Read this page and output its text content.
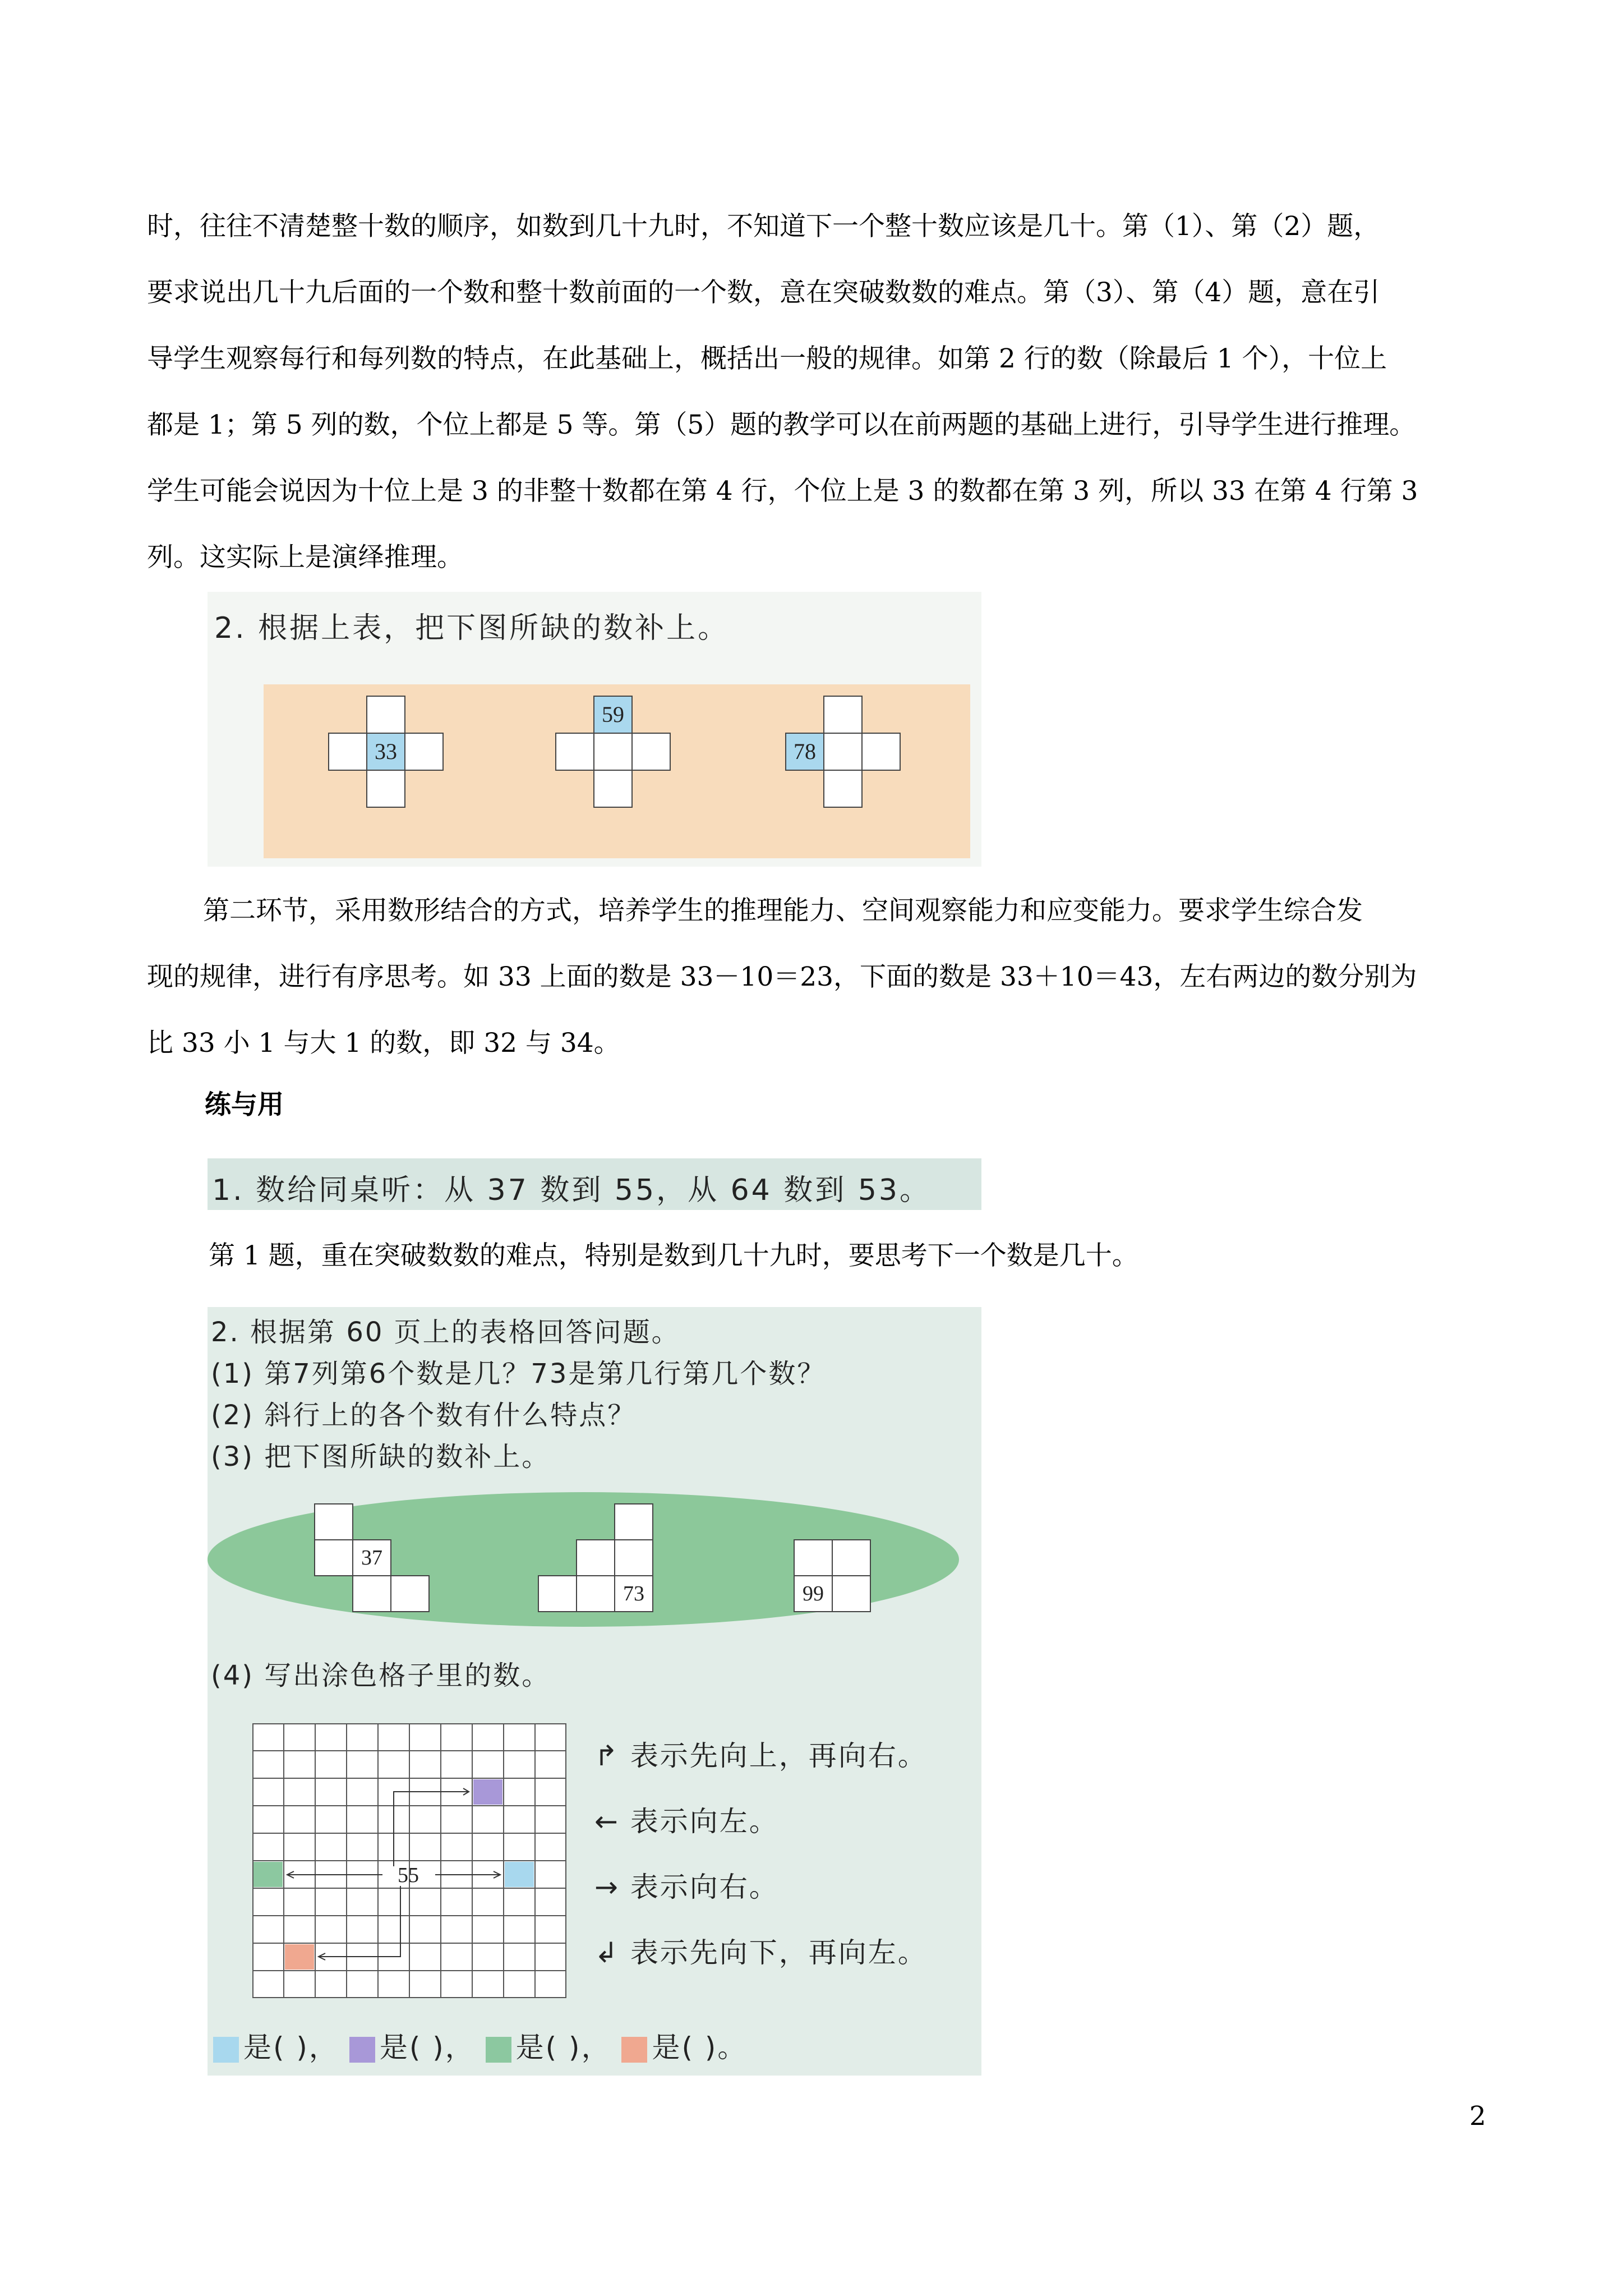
时，往往不清楚整十数的顺序，如数到几十九时，不知道下一个整十数应该是几十。第（1）、第（2）题，
要求说出几十九后面的一个数和整十数前面的一个数，意在突破数数的难点。第（3）、第（4）题，意在引
导学生观察每行和每列数的特点，在此基础上，概括出一般的规律。如第 2 行的数（除最后 1 个），十位上
都是 1；第 5 列的数，个位上都是 5 等。第（5）题的教学可以在前两题的基础上进行，引导学生进行推理。
学生可能会说因为十位上是 3 的非整十数都在第 4 行，个位上是 3 的数都在第 3 列，所以 33 在第 4 行第 3
列。这实际上是演绎推理。
2. 根据上表，把下图所缺的数补上。
33
59
78
第二环节，采用数形结合的方式，培养学生的推理能力、空间观察能力和应变能力。要求学生综合发
现的规律，进行有序思考。如 33 上面的数是 33－10＝23，下面的数是 33＋10＝43，左右两边的数分别为
比 33 小 1 与大 1 的数，即 32 与 34。
练与用
1. 数给同桌听：从 37 数到 55，从 64 数到 53。
第 1 题，重在突破数数的难点，特别是数到几十九时，要思考下一个数是几十。
2. 根据第 60 页上的表格回答问题。
(1) 第7列第6个数是几？73是第几行第几个数？
(2) 斜行上的各个数有什么特点？
(3) 把下图所缺的数补上。
37
73	99
(4) 写出涂色格子里的数。
55
↱ 表示先向上，再向右。
← 表示向左。
→ 表示向右。
↲ 表示先向下，再向左。
是( )， 是( )， 是( )， 是( )。
2
